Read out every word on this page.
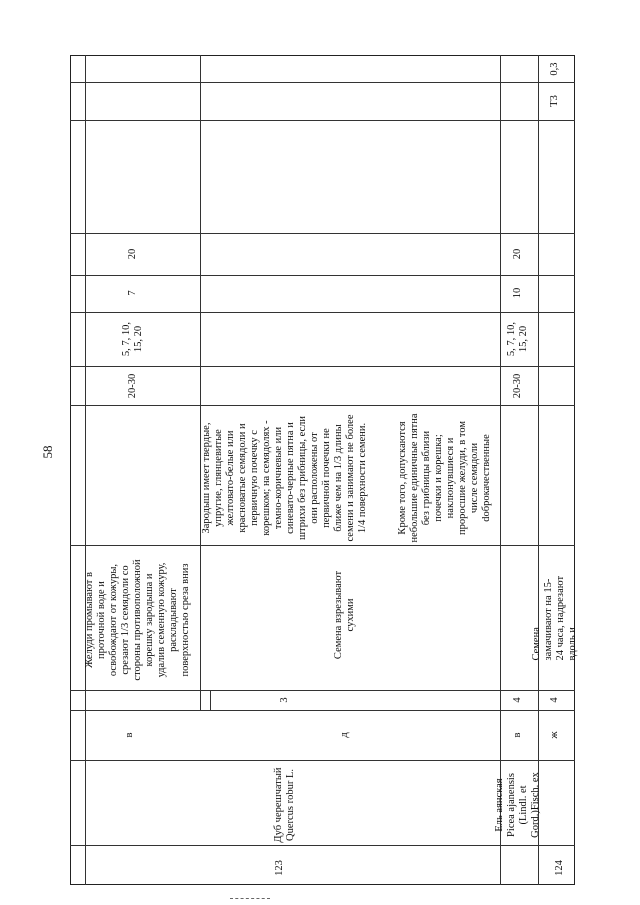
58
123
Дуб черешчатый
Quercus robur L.
в	д
3
Желуди промывают в
проточной воде и
освобождают от кожуры,
срезают 1/3 семядоли со
стороны противоположной
корешку зародыша и
удалив семенную кожуру,
раскладывают
поверхностью среза вниз
Семена взрезывают
сухими
Зародыш имеет твердые,
упругие, глянцевитые
желтовато-белые или
красноватые семядоли и
первичную почечку с
корешком; на семядолях -
темно-коричневые или
синевато-черные пятна и
штрихи без грибницы, если
они расположены от
первичной почечки не
ближе чем на 1/3 длины
семени и занимают не более
1/4 поверхности семени.
Кроме того, допускаются
небольшие единичные пятна
без грибницы вблизи
почечки и корешка;
наклюнувшиеся и
проросшие желуди, в том
числе семядоли
dоброкачественные
20-30
5, 7, 10,
15, 20
7
20
124
Ель аянская
Picea ajanensis
(Lindl. et
Gord.)Fisch. ex
в ж
4 4
Семена замачивают на 15-
24 часа, надрезают вдоль и
20-30
5, 7, 10,
15, 20
10
20
Т3
0,3
